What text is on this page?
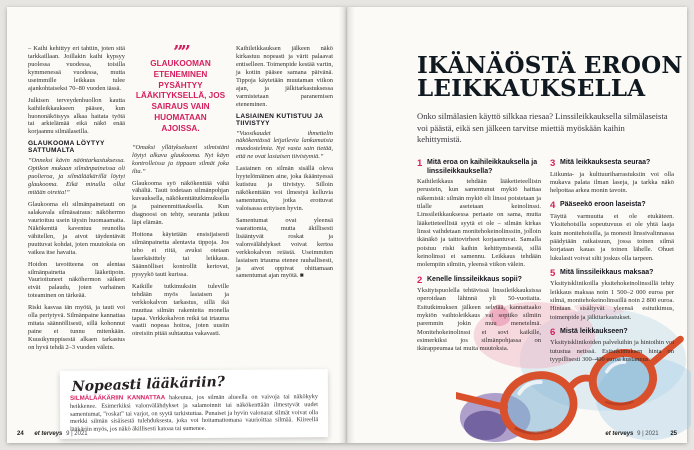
– Kaihi kehittyy eri tahtiin, joten sitä tarkkaillaan. Joillakin kaihi kypsyy puolessa vuodessa, toisilla kymmenessä vuodessa, mutta useimmille leikkaus tulee ajankohtaiseksi 70–80 vuoden iässä.

Julkisen terveydenhuollon kautta kaihileikkaukseen pääsee, kun huononäköisyys alkaa haitata työtä tai arkielämää eikä näkö enää korjaannu silmälaseilla.

GLAUKOOMA LÖYTYY SATTUMALTA

”Onneksi kävin näöntarkastuksessa. Optikon mukaan silmänpaineissa oli puolieroa, ja silmälääkärillä löytyi glaukooma. Eikä minulla ollut mitään oireita!”

Glaukooma eli silmänpainetauti on salakavala silmäsairaus: näköhermo vaurioituu usein täysin huomaamatta. Näkökenttä kaventuu reunoilta vähitellen, ja aivot täydentävät puuttuvat kohdat, joten muutoksia on vaikea itse havaita.

Hoidon tavoitteena on alentaa silmänpainetta lääketipoin. Vaurioituneet näköhermon säikeet eivät palaudu, joten varhainen toteaminen on tärkeää.

Riski kasvaa iän myötä, ja tauti voi olla periytyvä. Silmänpaine kannattaa mitata säännöllisesti, sillä kohonnut paine ei tunnu mitenkään. Kuusikymppisestä alkaen tarkastus on hyvä tehdä 2–3 vuoden välein.

””
GLAUKOOMAN ETENEMINEN PYSÄHTYY LÄÄKITYKSELLÄ, JOS SAIRAUS VAIN HUOMATAAN AJOISSA.

”Omaksi yllätyksekseni silmistäni löytyi alkava glaukooma. Nyt käyn kontrolleissa ja tippaan silmät joka ilta.”

Glaukooma syö näkökenttää vähä vähältä. Tauti todetaan silmänpohjan kuvauksella, näkökenttätutkimuksella ja paineenmittauksella. Kun diagnoosi on tehty, seuranta jatkuu läpi elämän.

Hoitona käytetään ensisijaisesti silmänpainetta alentavia tippoja. Jos teho ei riitä, avuksi otetaan laserkäsittely tai leikkaus. Säännölliset kontrollit kertovat, pysyykö tauti kurissa.

Kaikille tutkimuksiin tuleville tehdään myös lasiaisen ja verkkokalvon tarkastus, sillä ikä muuttaa silmän rakenteita monella tapaa. Verkkokalvon reikä tai irtauma vaatii nopeaa hoitoa, joten uusiin oireisiin pitää suhtautua vakavasti.

Kaihileikkauksen jälkeen näkö kirkastuu nopeasti ja värit palaavat entiselleen. Toimenpide kestää vartin, ja kotiin pääsee samana päivänä. Tippoja käytetään muutaman viikon ajan, ja jälkitarkastuksessa varmistetaan paranemisen eteneminen.

LASIAINEN KUTISTUU JA TIIVISTYY

”Vuosikaudet ihmettelin näkökentässä leijailevia lankamaisia muodostelmia. Nyt vasta sain tietää, että ne ovat lasiaisen tiivistymiä.”

Lasiainen on silmän sisällä oleva hyytelömäinen aine, joka ikääntyessä kutistuu ja tiivistyy. Silloin näkökenttään voi ilmestyä kelluvia samentumia, jotka erottuvat valoisassa erityisen hyvin.

Samentumat ovat yleensä vaarattomia, mutta äkillisesti lisääntyvät roskat ja valonvälähdykset voivat kertoa verkkokalvon reiästä. Useimmiten lasiaisen irtauma etenee rauhallisesti, ja aivot oppivat ohittamaan samentumat ajan myötä. ■

Nopeasti lääkäriin?

SILMÄLÄÄKÄRIIN KANNATTAA hakeutua, jos silmän alueella on vaivoja tai näkökyky heikkenee. Esimerkiksi valonvälähdykset ja salamoinnit tai näkökenttään ilmestyvät uudet samentumat, ”roskat” tai varjot, on syytä tarkistuttaa. Punaiset ja hyvin valonarat silmät voivat olla merkki silmän sisäisestä tulehduksesta, joka voi hoitamattomana vaurioittaa silmää. Kiireellä lääkäriin myös, jos näkö äkillisesti katoaa tai sumenee.

24 et terveys 9 | 2021
IKÄNÄÖSTÄ EROON
LEIKKAUKSELLA

Onko silmälasien käyttö silkkaa riesaa? Linssileikkauksella silmälaseista voi päästä, eikä sen jälkeen tarvitse miettiä myöskään kaihin kehittymistä.

1 Mitä eroa on kaihileikkauksella ja linssileikkauksella?

Kaihileikkaus tehdään lääketieteellisin perustein, kun samentunut mykiö haittaa näkemistä: silmän mykiö eli linssi poistetaan ja tilalle asetetaan keinolinssi. Linssileikkauksessa periaate on sama, mutta lääketieteellistä syytä ei ole – silmän kirkas linssi vaihdetaan monitehokeinolinssiin, jolloin ikänäkö ja taittovirheet korjaantuvat. Samalla poistuu riski kaihin kehittymisestä, sillä keinolinssi ei samennu. Leikkaus tehdään molempiin silmiin, yleensä viikon välein.

2 Kenelle linssileikkaus sopii?

Yksityispuolella tehtävissä linssileikkauksissa operoidaan lähinnä yli 50-vuotiaita. Esitutkimuksen jälkeen selviää, kannattaako mykiön vaihtoleikkaus vai sopiiko silmiin paremmin jokin muu menetelmä. Monitehokeinolinssi ei sovi kaikille, esimerkiksi jos silmänpohjassa on ikärappeumaa tai muita muutoksia.

3 Mitä leikkauksesta seuraa?

Liikunta- ja kulttuuriharrastuksiin voi olla mukava palata ilman laseja, ja tarkka näkö helpottaa arkea monin tavoin.

4 Pääseekö eroon laseista?

Täyttä varmuutta ei ole etukäteen. Yksitehoisilla sopeutuvuus ei ole yhtä laaja kuin monitehoisilla, ja monesti linssivalinnassa päädytään ratkaisuun, jossa toinen silmä korjataan kauas ja toinen lähelle. Ohuet lukulasit voivat silti joskus olla tarpeen.

5 Mitä linssileikkaus maksaa?

Yksityisklinikoilla yksitehokeinolinssillä tehty leikkaus maksaa noin 1 500–2 000 euroa per silmä, monitehokeinolinssillä noin 2 800 euroa. Hintaan sisältyvät yleensä esitutkimus, toimenpide ja jälkitarkastukset.

6 Mistä leikkaukseen?

Yksityisklinikoiden palveluihin ja hintoihin voi tutustua netissä. Esitutkimuksen hinta on tyypillisesti 300–400 euroa kustannus.

et terveys 9 | 2021 25
